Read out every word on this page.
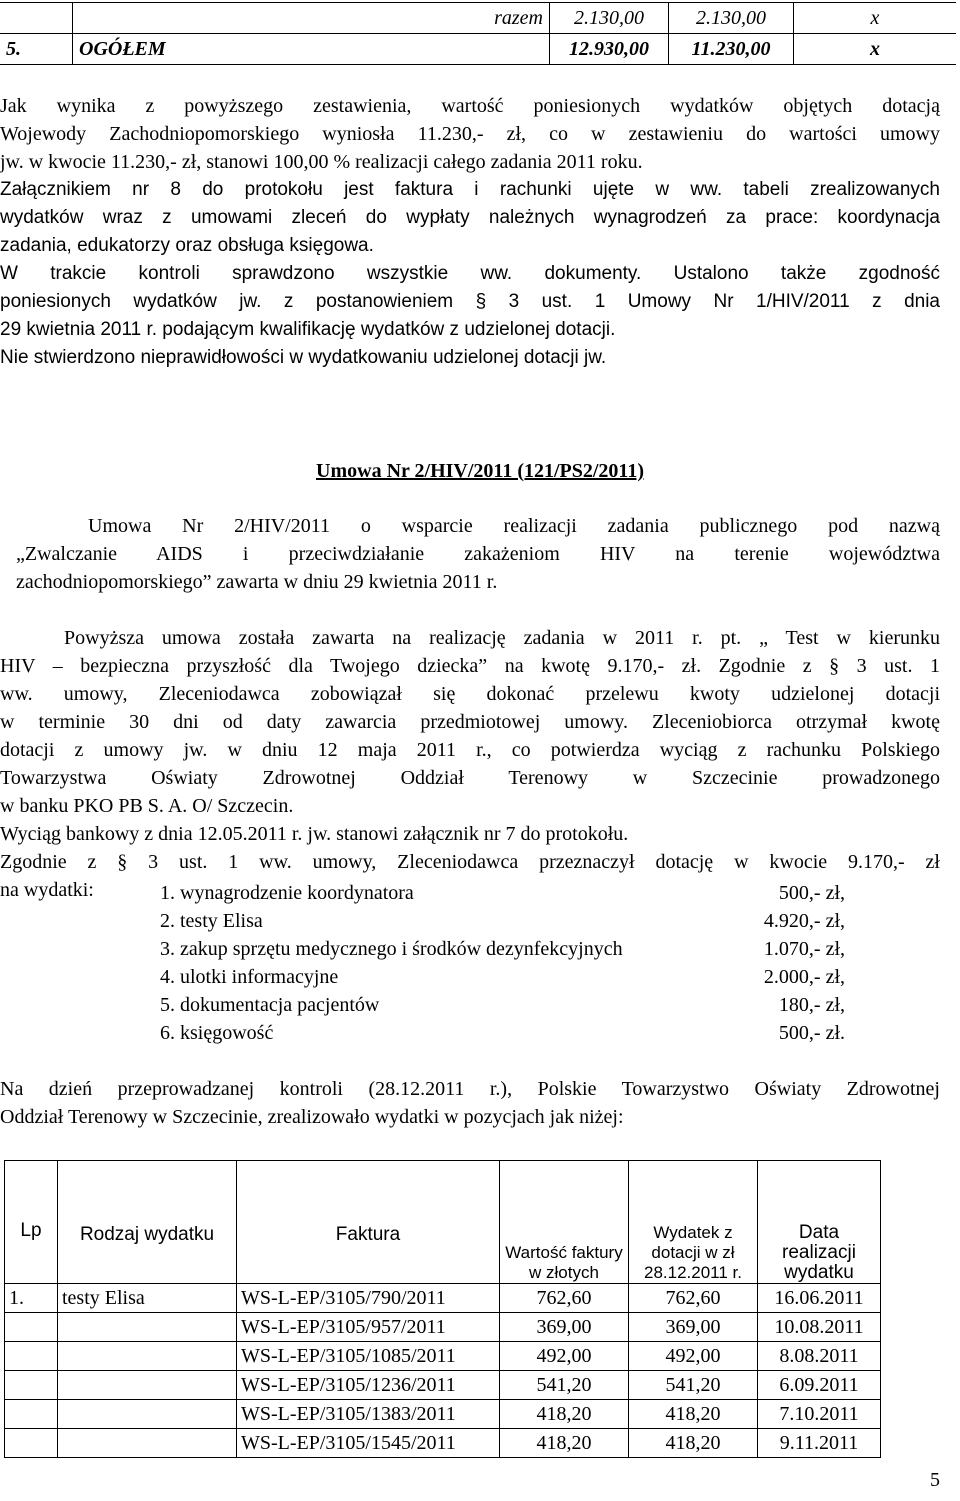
	razem	2.130,00	2.130,00	x
5.	OGÓŁEM	12.930,00	11.230,00	x
Jak wynika z powyższego zestawienia, wartość poniesionych wydatków objętych dotacją
Wojewody Zachodniopomorskiego wyniosła 11.230,- zł, co w zestawieniu do wartości umowy
jw. w kwocie 11.230,- zł, stanowi 100,00 % realizacji całego zadania 2011 roku.
Załącznikiem nr 8 do protokołu jest faktura i rachunki ujęte w ww. tabeli zrealizowanych
wydatków wraz z umowami zleceń do wypłaty należnych wynagrodzeń za prace: koordynacja
zadania, edukatorzy oraz obsługa księgowa.
W trakcie kontroli sprawdzono wszystkie ww. dokumenty. Ustalono także zgodność
poniesionych wydatków jw. z postanowieniem § 3 ust. 1 Umowy Nr 1/HIV/2011 z dnia
29 kwietnia 2011 r. podającym kwalifikację wydatków z udzielonej dotacji.
Nie stwierdzono nieprawidłowości w wydatkowaniu udzielonej dotacji jw.
Umowa Nr 2/HIV/2011 (121/PS2/2011)
Umowa Nr 2/HIV/2011 o wsparcie realizacji zadania publicznego pod nazwą
„Zwalczanie AIDS i przeciwdziałanie zakażeniom HIV na terenie województwa
zachodniopomorskiego” zawarta w dniu 29 kwietnia 2011 r.
Powyższa umowa została zawarta na realizację zadania w 2011 r. pt. „ Test w kierunku
HIV – bezpieczna przyszłość dla Twojego dziecka” na kwotę 9.170,- zł. Zgodnie z § 3 ust. 1
ww. umowy, Zleceniodawca zobowiązał się dokonać przelewu kwoty udzielonej dotacji
w terminie 30 dni od daty zawarcia przedmiotowej umowy. Zleceniobiorca otrzymał kwotę
dotacji z umowy jw. w dniu 12 maja 2011 r., co potwierdza wyciąg z rachunku Polskiego
Towarzystwa Oświaty Zdrowotnej Oddział Terenowy w Szczecinie prowadzonego
w banku PKO PB S. A. O/ Szczecin.
Wyciąg bankowy z dnia 12.05.2011 r. jw. stanowi załącznik nr 7 do protokołu.
Zgodnie z § 3 ust. 1 ww. umowy, Zleceniodawca przeznaczył dotację w kwocie 9.170,- zł
na wydatki:	1. wynagrodzenie koordynatora	500,- zł,
2. testy Elisa	4.920,- zł,
3. zakup sprzętu medycznego i środków dezynfekcyjnych	1.070,- zł,
4. ulotki informacyjne	2.000,- zł,
5. dokumentacja pacjentów	180,- zł,
6. księgowość	500,- zł.
Na dzień przeprowadzanej kontroli (28.12.2011 r.), Polskie Towarzystwo Oświaty Zdrowotnej
Oddział Terenowy w Szczecinie, zrealizowało wydatki w pozycjach jak niżej:
Lp	Rodzaj wydatku	Faktura	Wartość faktury w złotych	Wydatek z dotacji w zł 28.12.2011 r.	Data realizacji wydatku
1.	testy Elisa	WS-L-EP/3105/790/2011	762,60	762,60	16.06.2011
		WS-L-EP/3105/957/2011	369,00	369,00	10.08.2011
		WS-L-EP/3105/1085/2011	492,00	492,00	8.08.2011
		WS-L-EP/3105/1236/2011	541,20	541,20	6.09.2011
		WS-L-EP/3105/1383/2011	418,20	418,20	7.10.2011
		WS-L-EP/3105/1545/2011	418,20	418,20	9.11.2011
5
